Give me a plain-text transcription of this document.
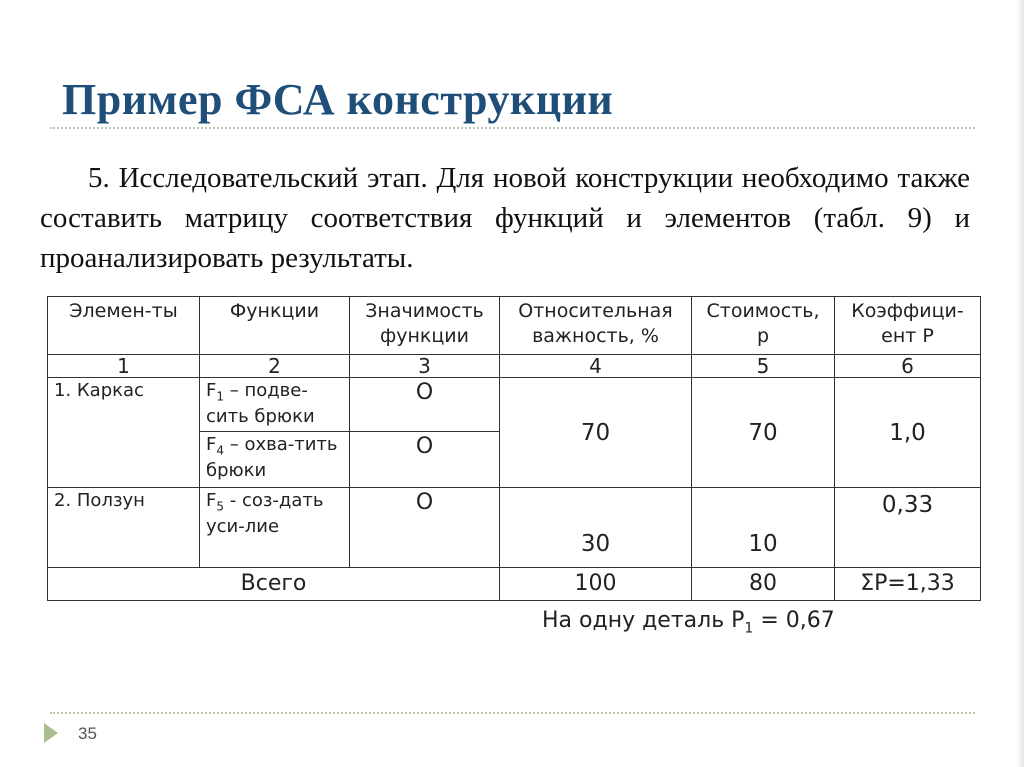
Пример ФСА конструкции
5. Исследовательский этап. Для новой конструкции необходимо также составить матрицу соответствия функций и элементов (табл. 9) и проанализировать результаты.
Элемен-ты	Функции	Значимость функции	Относительная важность, %	Стоимость, р	Коэффици-ент Р
1	2	3	4	5	6
1. Каркас	$F_1$ – подве-сить брюки	О	70	70	1,0
	$F_4$ – охва-тить брюки	О			
2. Ползун	$F_5$ - соз-дать уси-лие	О	30	10	0,33
Всего			100	80	ΣР=1,33
На одну деталь $Р_1 = 0,67$
35
